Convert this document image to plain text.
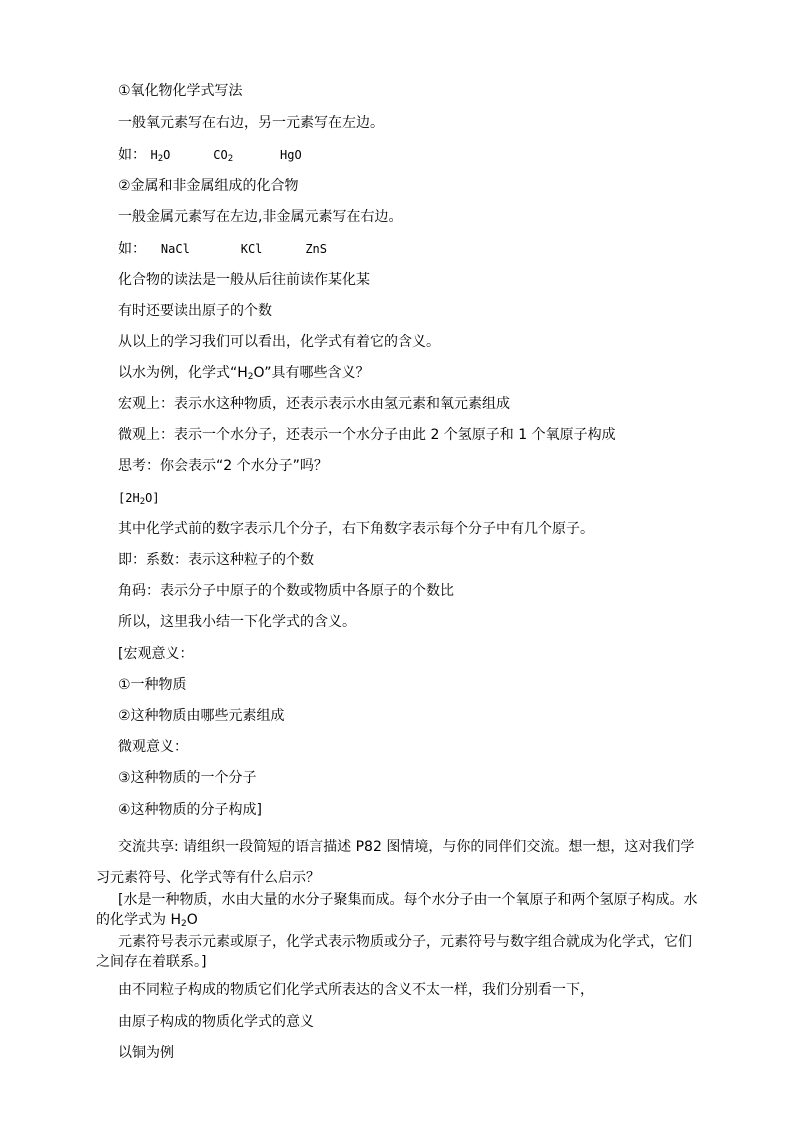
①氧化物化学式写法
一般氧元素写在右边，另一元素写在左边。
如： $H_2O$	$CO_2$	HgO
②金属和非金属组成的化合物
一般金属元素写在左边,非金属元素写在右边。
如： NaCl	KCl	ZnS
化合物的读法是一般从后往前读作某化某
有时还要读出原子的个数
从以上的学习我们可以看出，化学式有着它的含义。
以水为例，化学式“$H_2O$”具有哪些含义？
宏观上：表示水这种物质，还表示表示水由氢元素和氧元素组成
微观上：表示一个水分子，还表示一个水分子由此 2 个氢原子和 1 个氧原子构成
思考：你会表示“2 个水分子”吗？
$[2H_2O]$
其中化学式前的数字表示几个分子，右下角数字表示每个分子中有几个原子。
即：系数：表示这种粒子的个数
角码：表示分子中原子的个数或物质中各原子的个数比
所以，这里我小结一下化学式的含义。
[宏观意义：
①一种物质
②这种物质由哪些元素组成
微观意义：
③这种物质的一个分子
④这种物质的分子构成]
交流共享: 请组织一段简短的语言描述 P82 图情境，与你的同伴们交流。想一想，这对我们学习元素符号、化学式等有什么启示？
[水是一种物质，水由大量的水分子聚集而成。每个水分子由一个氧原子和两个氢原子构成。水的化学式为 $H_2O$
元素符号表示元素或原子，化学式表示物质或分子，元素符号与数字组合就成为化学式，它们之间存在着联系。]
由不同粒子构成的物质它们化学式所表达的含义不太一样，我们分别看一下，
由原子构成的物质化学式的意义
以铜为例
